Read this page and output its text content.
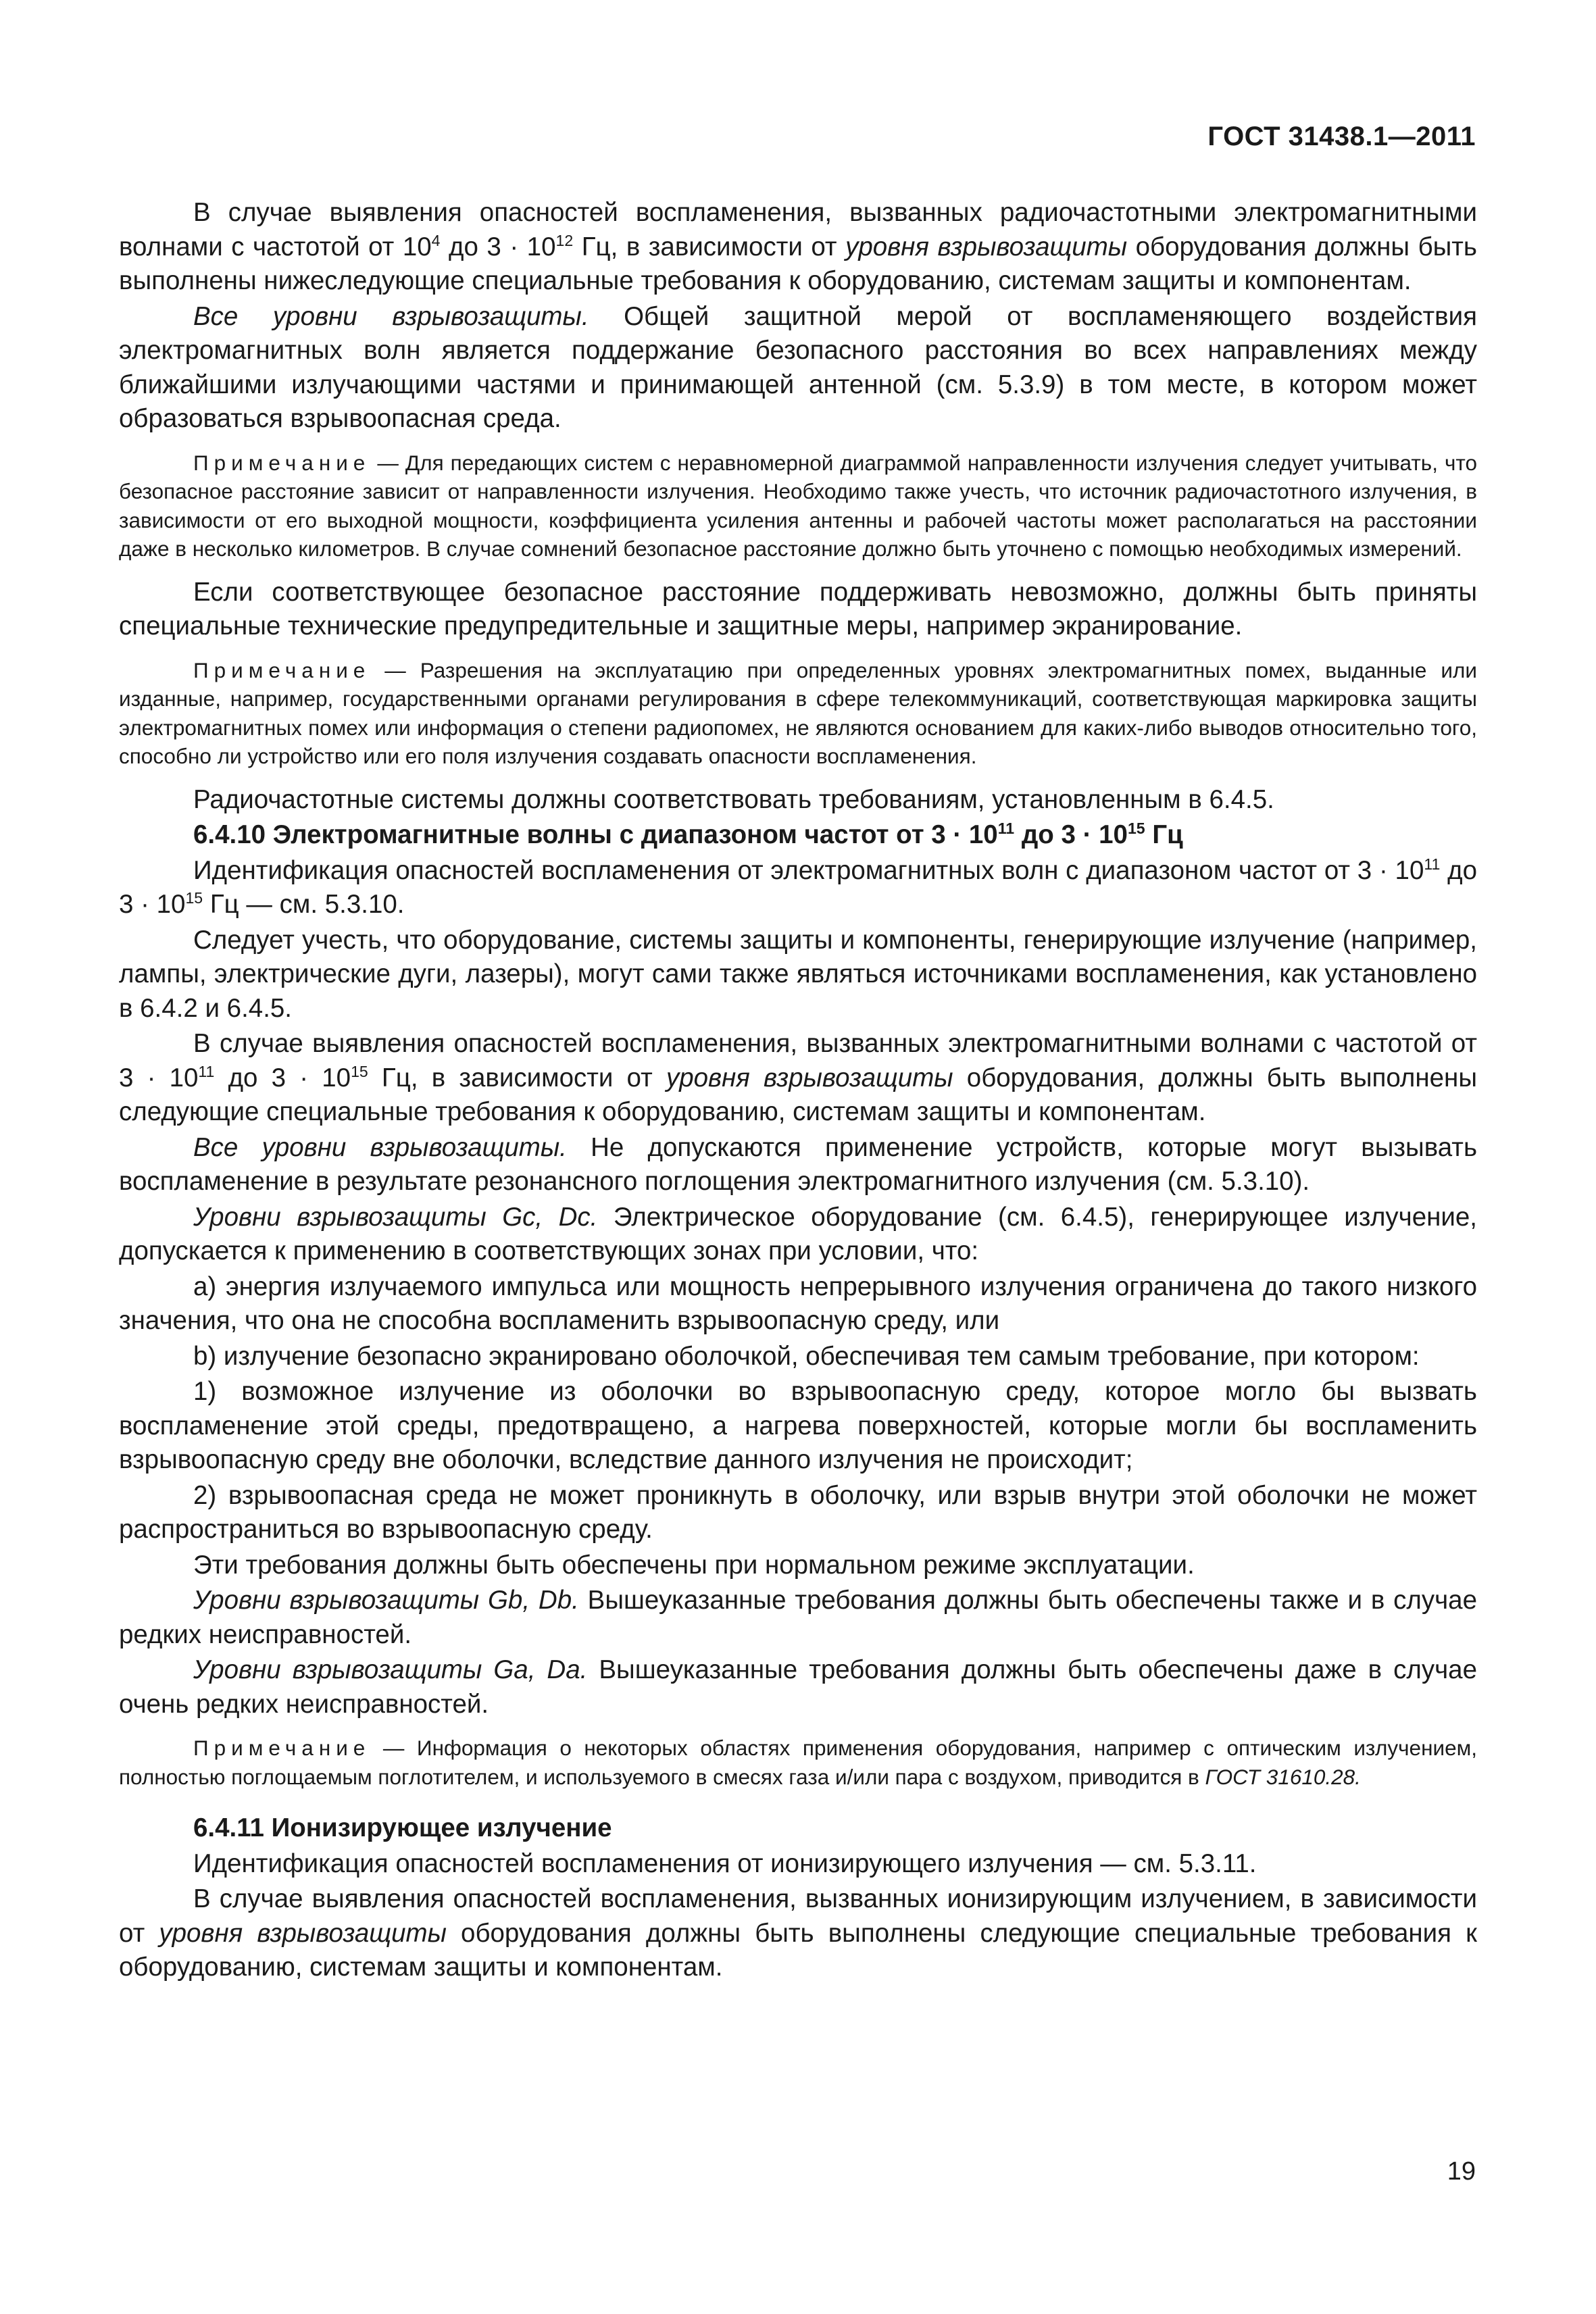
ГОСТ 31438.1—2011

В случае выявления опасностей воспламенения, вызванных радиочастотными электромагнитными волнами с частотой от $10^4$ до $3 \cdot 10^{12}$ Гц, в зависимости от уровня взрывозащиты оборудования должны быть выполнены нижеследующие специальные требования к оборудованию, системам защиты и компонентам.

Все уровни взрывозащиты. Общей защитной мерой от воспламеняющего воздействия электромагнитных волн является поддержание безопасного расстояния во всех направлениях между ближайшими излучающими частями и принимающей антенной (см. 5.3.9) в том месте, в котором может образоваться взрывоопасная среда.

Примечание — Для передающих систем с неравномерной диаграммой направленности излучения следует учитывать, что безопасное расстояние зависит от направленности излучения. Необходимо также учесть, что источник радиочастотного излучения, в зависимости от его выходной мощности, коэффициента усиления антенны и рабочей частоты может располагаться на расстоянии даже в несколько километров. В случае сомнений безопасное расстояние должно быть уточнено с помощью необходимых измерений.

Если соответствующее безопасное расстояние поддерживать невозможно, должны быть приняты специальные технические предупредительные и защитные меры, например экранирование.

Примечание — Разрешения на эксплуатацию при определенных уровнях электромагнитных помех, выданные или изданные, например, государственными органами регулирования в сфере телекоммуникаций, соответствующая маркировка защиты электромагнитных помех или информация о степени радиопомех, не являются основанием для каких-либо выводов относительно того, способно ли устройство или его поля излучения создавать опасности воспламенения.

Радиочастотные системы должны соответствовать требованиям, установленным в 6.4.5.

6.4.10 Электромагнитные волны с диапазоном частот от $3 \cdot 10^{11}$ до $3 \cdot 10^{15}$ Гц

Идентификация опасностей воспламенения от электромагнитных волн с диапазоном частот от $3 \cdot 10^{11}$ до $3 \cdot 10^{15}$ Гц — см. 5.3.10.

Следует учесть, что оборудование, системы защиты и компоненты, генерирующие излучение (например, лампы, электрические дуги, лазеры), могут сами также являться источниками воспламенения, как установлено в 6.4.2 и 6.4.5.

В случае выявления опасностей воспламенения, вызванных электромагнитными волнами с частотой от $3 \cdot 10^{11}$ до $3 \cdot 10^{15}$ Гц, в зависимости от уровня взрывозащиты оборудования, должны быть выполнены следующие специальные требования к оборудованию, системам защиты и компонентам.

Все уровни взрывозащиты. Не допускаются применение устройств, которые могут вызывать воспламенение в результате резонансного поглощения электромагнитного излучения (см. 5.3.10).

Уровни взрывозащиты Gc, Dc. Электрическое оборудование (см. 6.4.5), генерирующее излучение, допускается к применению в соответствующих зонах при условии, что:

a) энергия излучаемого импульса или мощность непрерывного излучения ограничена до такого низкого значения, что она не способна воспламенить взрывоопасную среду, или

b) излучение безопасно экранировано оболочкой, обеспечивая тем самым требование, при котором:

1) возможное излучение из оболочки во взрывоопасную среду, которое могло бы вызвать воспламенение этой среды, предотвращено, а нагрева поверхностей, которые могли бы воспламенить взрывоопасную среду вне оболочки, вследствие данного излучения не происходит;

2) взрывоопасная среда не может проникнуть в оболочку, или взрыв внутри этой оболочки не может распространиться во взрывоопасную среду.

Эти требования должны быть обеспечены при нормальном режиме эксплуатации.

Уровни взрывозащиты Gb, Db. Вышеуказанные требования должны быть обеспечены также и в случае редких неисправностей.

Уровни взрывозащиты Ga, Da. Вышеуказанные требования должны быть обеспечены даже в случае очень редких неисправностей.

Примечание — Информация о некоторых областях применения оборудования, например с оптическим излучением, полностью поглощаемым поглотителем, и используемого в смесях газа и/или пара с воздухом, приводится в ГОСТ 31610.28.

6.4.11 Ионизирующее излучение

Идентификация опасностей воспламенения от ионизирующего излучения — см. 5.3.11.

В случае выявления опасностей воспламенения, вызванных ионизирующим излучением, в зависимости от уровня взрывозащиты оборудования должны быть выполнены следующие специальные требования к оборудованию, системам защиты и компонентам.

19
